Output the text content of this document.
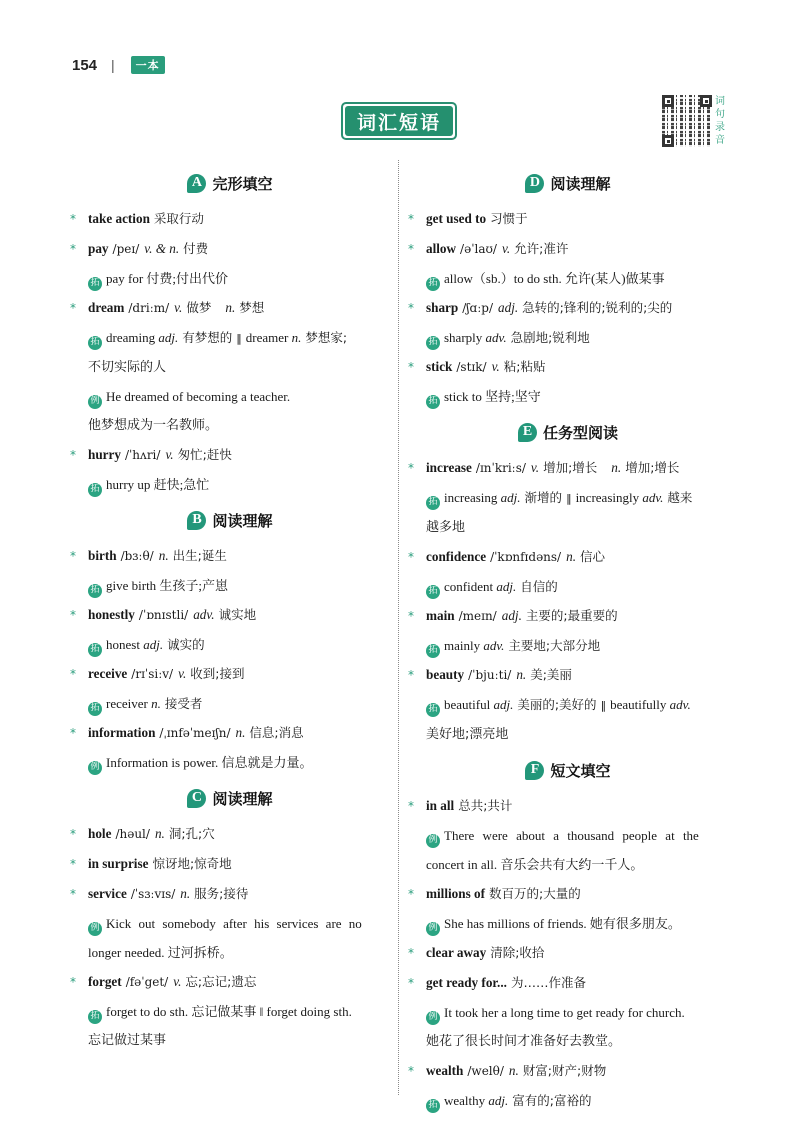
154 |	一本
词汇短语
词
句
录
音
A 完形填空
* take action 采取行动
* pay /peɪ/ v. & n. 付费
拓 pay for 付费;付出代价
* dream /driːm/ v. 做梦 n. 梦想
拓 dreaming adj. 有梦想的 ‖ dreamer n. 梦想家;
不切实际的人
例 He dreamed of becoming a teacher.
他梦想成为一名教师。
* hurry /ˈhʌri/ v. 匆忙;赶快
拓 hurry up 赶快;急忙
B 阅读理解
* birth /bɜːθ/ n. 出生;诞生
拓 give birth 生孩子;产崽
* honestly /ˈɒnɪstli/ adv. 诚实地
拓 honest adj. 诚实的
* receive /rɪˈsiːv/ v. 收到;接到
拓 receiver n. 接受者
* information /ˌɪnfəˈmeɪʃn/ n. 信息;消息
例 Information is power. 信息就是力量。
C 阅读理解
* hole /həul/ n. 洞;孔;穴
* in surprise 惊讶地;惊奇地
* service /ˈsɜːvɪs/ n. 服务;接待
例 Kick out somebody after his services are no
longer needed. 过河拆桥。
* forget /fəˈget/ v. 忘;忘记;遗忘
拓 forget to do sth. 忘记做某事 ‖ forget doing sth.
忘记做过某事
D 阅读理解
* get used to 习惯于
* allow /əˈlaʊ/ v. 允许;准许
拓 allow（sb.）to do sth. 允许(某人)做某事
* sharp /ʃɑːp/ adj. 急转的;锋利的;锐利的;尖的
拓 sharply adv. 急剧地;锐利地
* stick /stɪk/ v. 粘;粘贴
拓 stick to 坚持;坚守
E 任务型阅读
* increase /ɪnˈkriːs/ v. 增加;增长 n. 增加;增长
拓 increasing adj. 渐增的 ‖ increasingly adv. 越来
越多地
* confidence /ˈkɒnfɪdəns/ n. 信心
拓 confident adj. 自信的
* main /meɪn/ adj. 主要的;最重要的
拓 mainly adv. 主要地;大部分地
* beauty /ˈbjuːti/ n. 美;美丽
拓 beautiful adj. 美丽的;美好的 ‖ beautifully adv.
美好地;漂亮地
F 短文填空
* in all 总共;共计
例 There were about a thousand people at the
concert in all. 音乐会共有大约一千人。
* millions of 数百万的;大量的
例 She has millions of friends. 她有很多朋友。
* clear away 清除;收拾
* get ready for... 为……作准备
例 It took her a long time to get ready for church.
她花了很长时间才准备好去教堂。
* wealth /welθ/ n. 财富;财产;财物
拓 wealthy adj. 富有的;富裕的
